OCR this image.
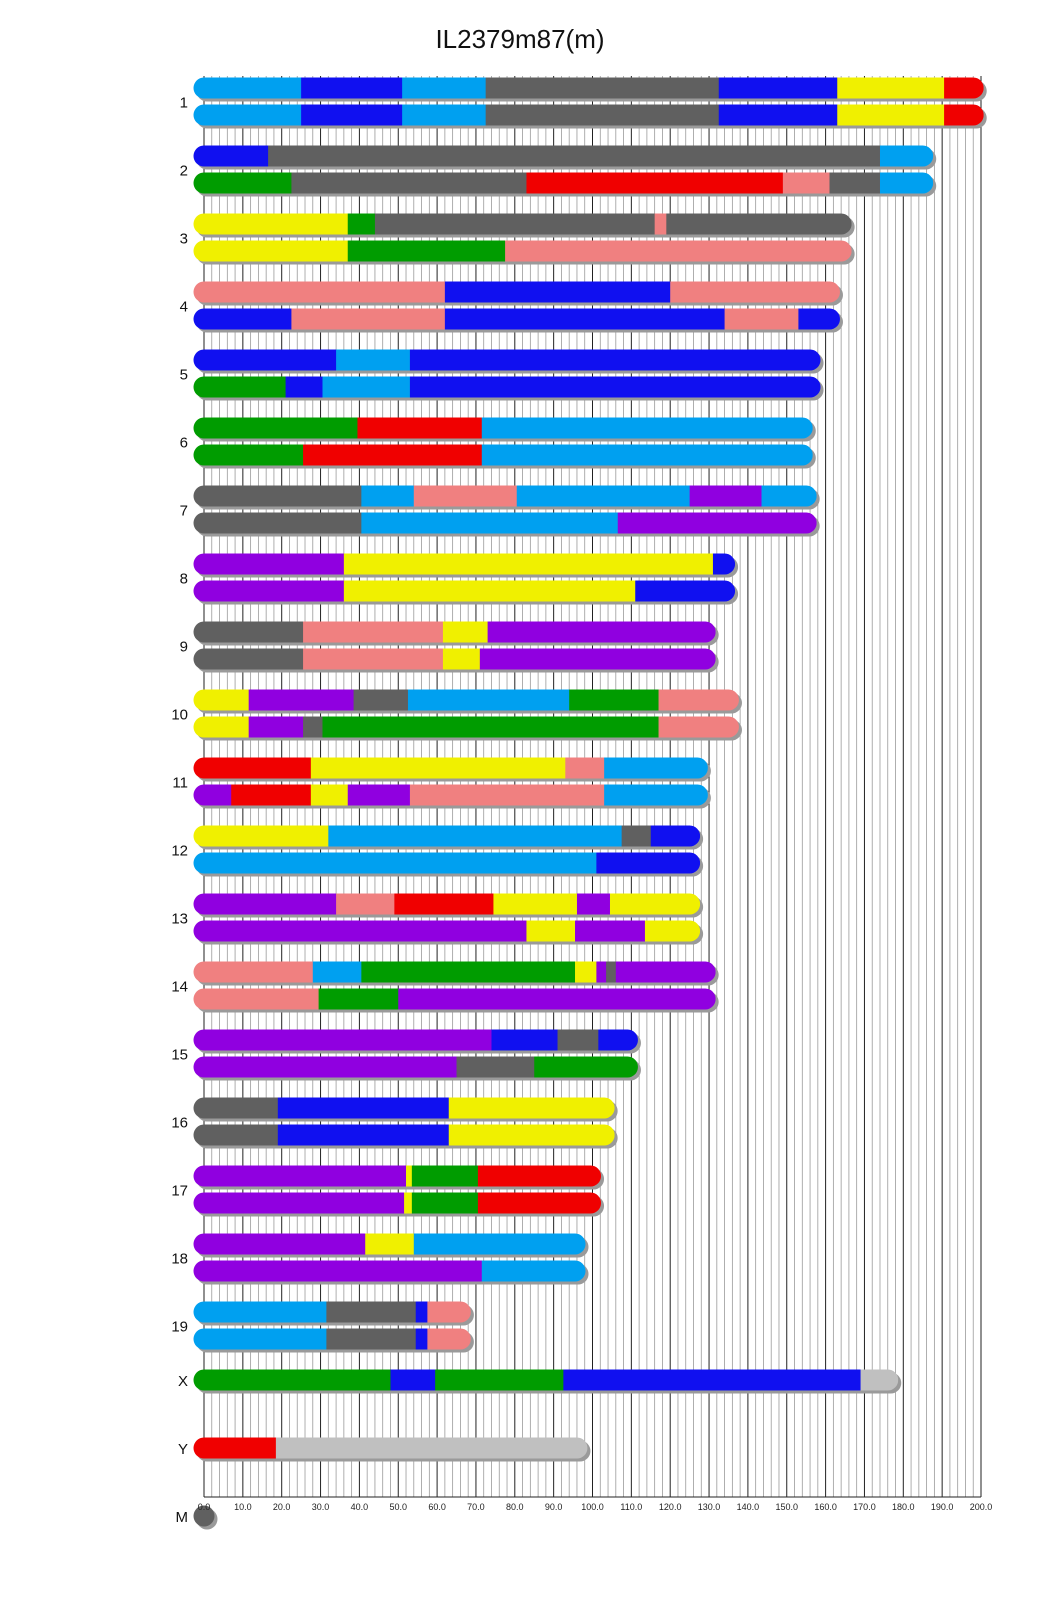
IL2379m87(m)
1
2
3
4
5
6
7
8
9
10
11
12
13
14
15
16
17
18
19
X
Y
M
0.0	10.0 20.0 30.0 40.0 50.0 60.0 70.0 80.0 90.0 100.0 110.0 120.0 130.0 140.0 150.0 160.0 170.0 180.0 190.0 200.0
